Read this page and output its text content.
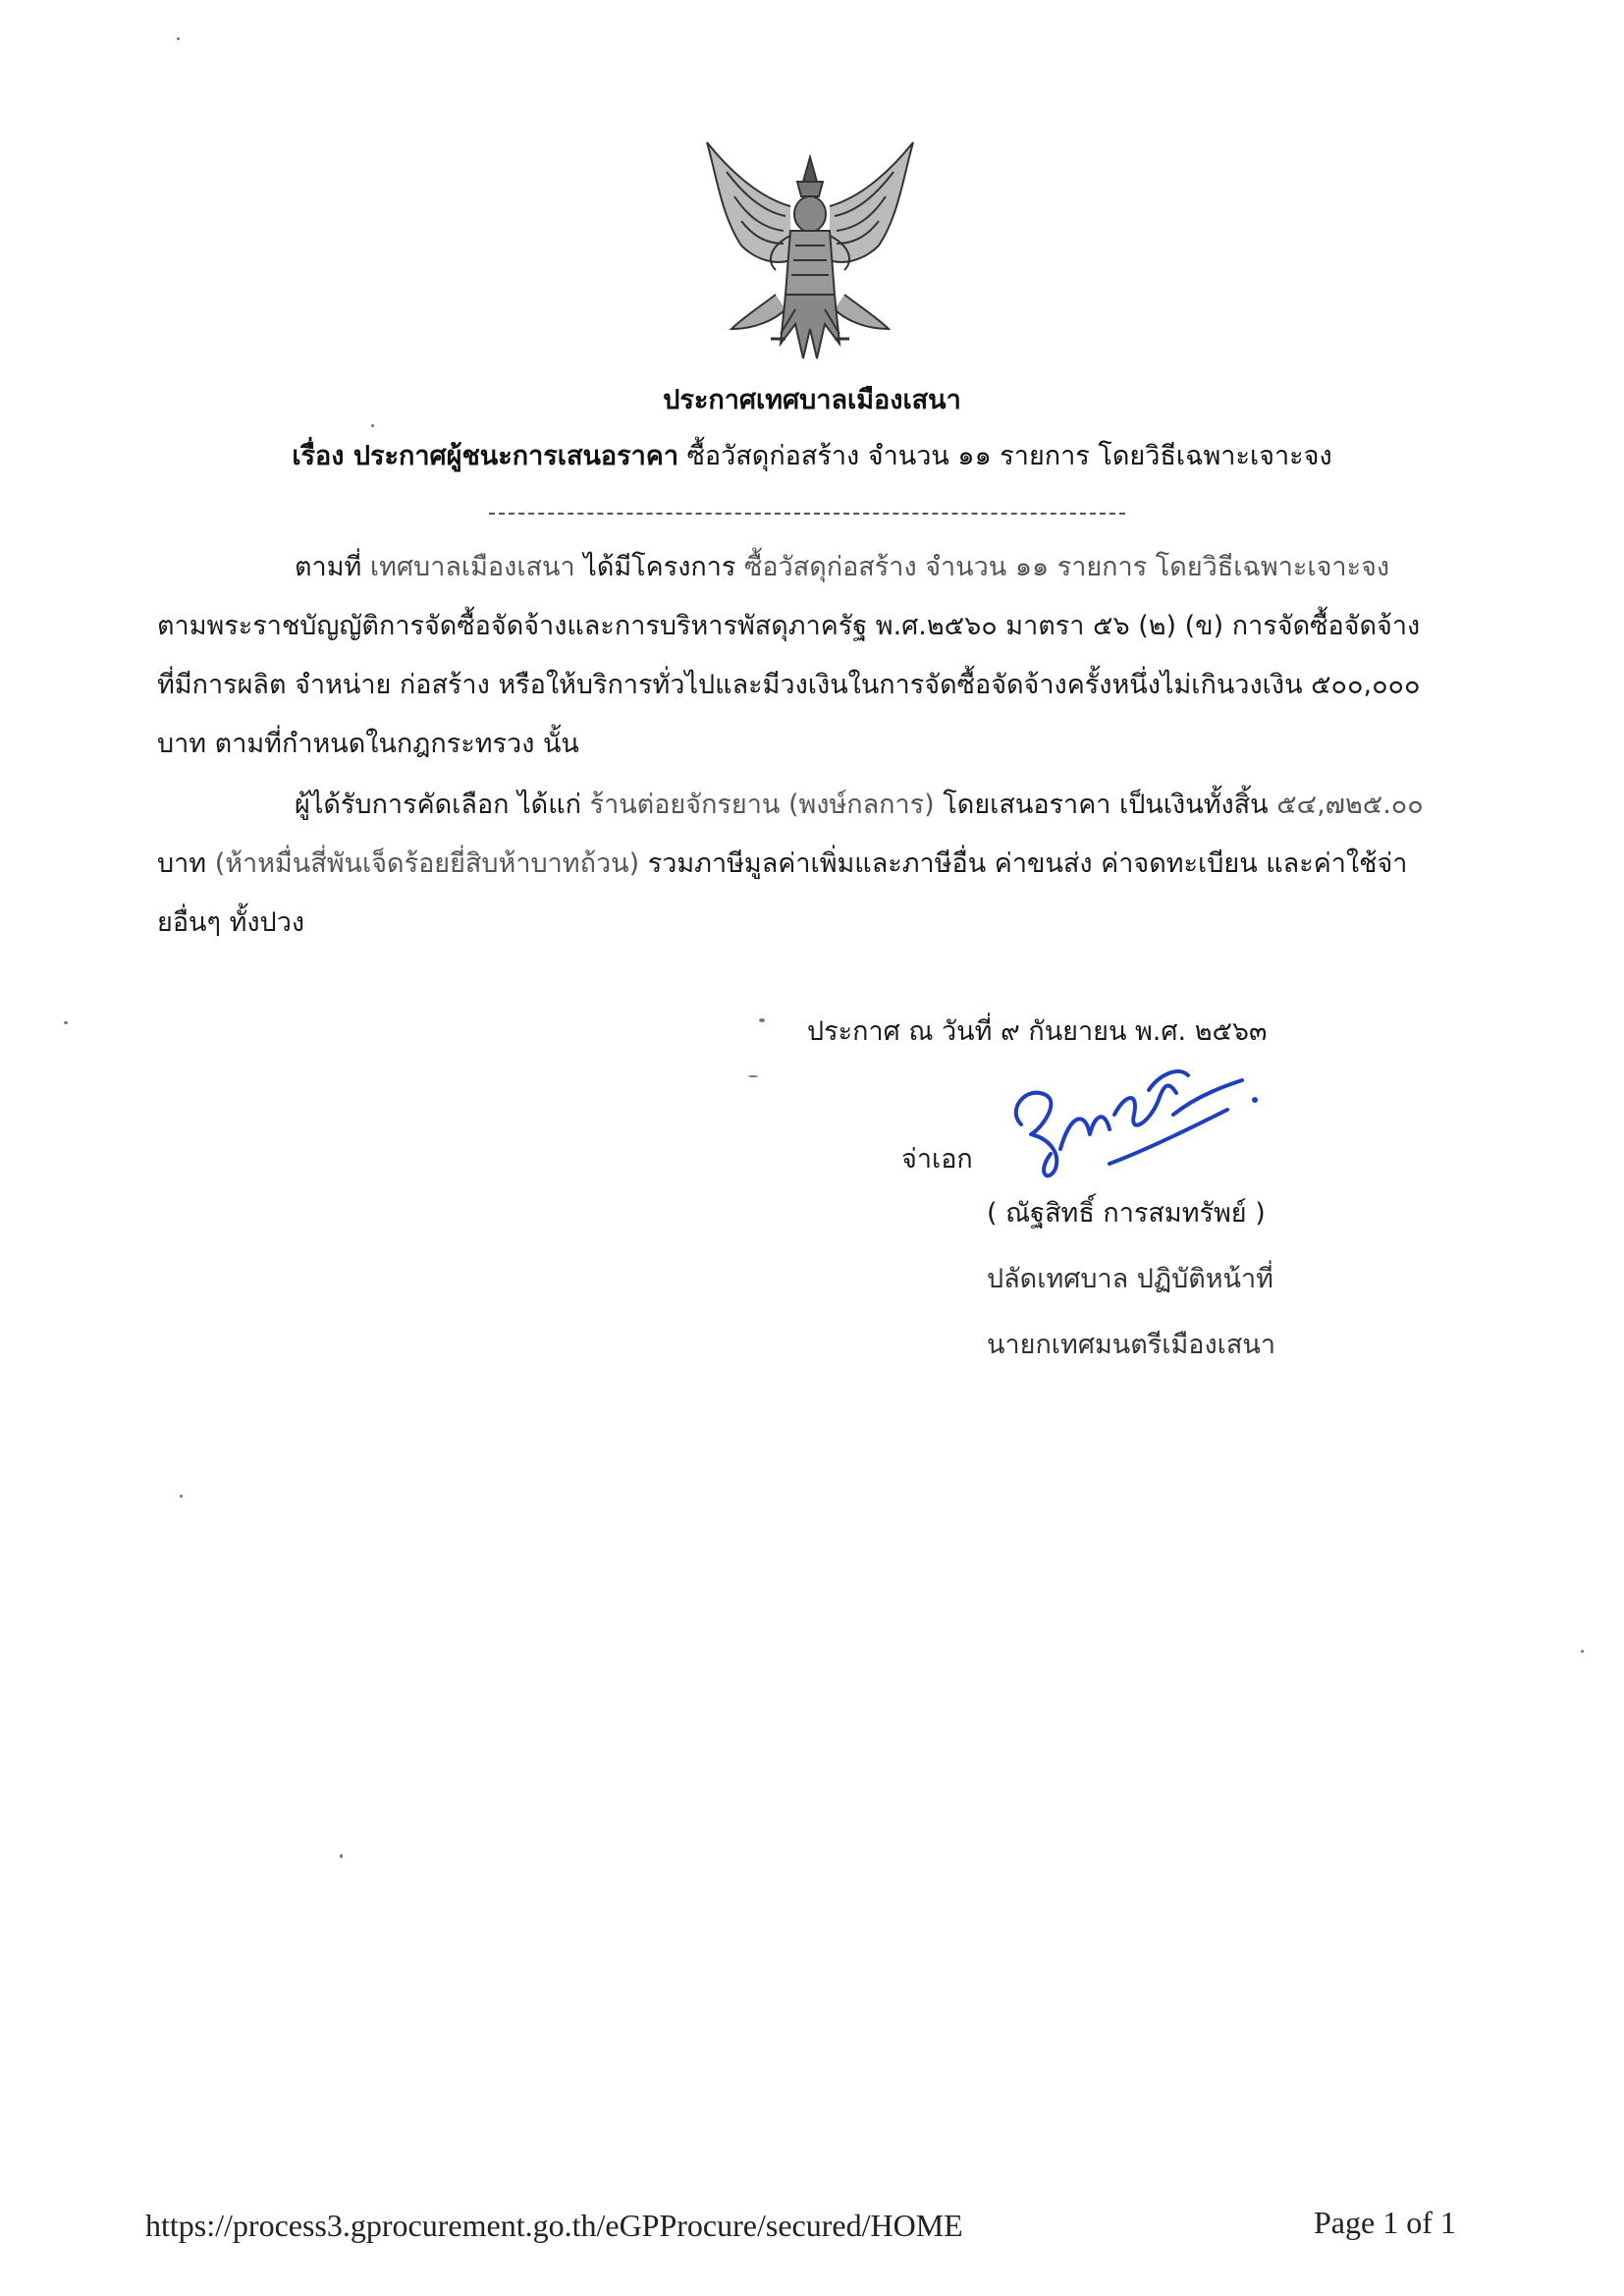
ประกาศเทศบาลเมืองเสนา
เรื่อง ประกาศผู้ชนะการเสนอราคา ซื้อวัสดุก่อสร้าง จำนวน ๑๑ รายการ โดยวิธีเฉพาะเจาะจง
ตามที่ เทศบาลเมืองเสนา ได้มีโครงการ ซื้อวัสดุก่อสร้าง จำนวน ๑๑ รายการ โดยวิธีเฉพาะเจาะจง ตามพระราชบัญญัติการจัดซื้อจัดจ้างและการบริหารพัสดุภาครัฐ พ.ศ.๒๕๖๐ มาตรา ๕๖ (๒) (ข) การจัดซื้อจัดจ้างที่มีการผลิต จำหน่าย ก่อสร้าง หรือให้บริการทั่วไปและมีวงเงินในการจัดซื้อจัดจ้างครั้งหนึ่งไม่เกินวงเงิน ๕๐๐,๐๐๐ บาท ตามที่กำหนดในกฎกระทรวง นั้น
ผู้ได้รับการคัดเลือก ได้แก่ ร้านต่อยจักรยาน (พงษ์กลการ) โดยเสนอราคา เป็นเงินทั้งสิ้น ๕๔,๗๒๕.๐๐ บาท (ห้าหมื่นสี่พันเจ็ดร้อยยี่สิบห้าบาทถ้วน) รวมภาษีมูลค่าเพิ่มและภาษีอื่น ค่าขนส่ง ค่าจดทะเบียน และค่าใช้จ่ายอื่นๆ ทั้งปวง
ประกาศ ณ วันที่ ๙ กันยายน พ.ศ. ๒๕๖๓
จ่าเอก
( ณัฐสิทธิ์ การสมทรัพย์ )
ปลัดเทศบาล ปฏิบัติหน้าที่
นายกเทศมนตรีเมืองเสนา
https://process3.gprocurement.go.th/eGPProcure/secured/HOME	Page 1 of 1
